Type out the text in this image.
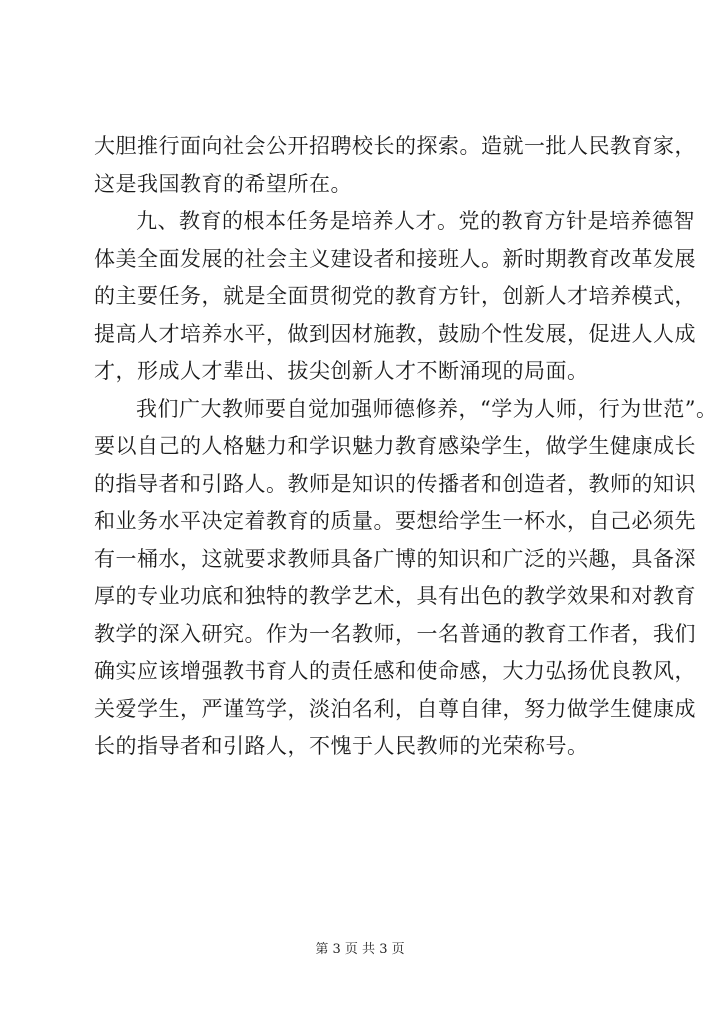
大胆推行面向社会公开招聘校长的探索。造就一批人民教育家，
这是我国教育的希望所在。
九、教育的根本任务是培养人才。党的教育方针是培养德智
体美全面发展的社会主义建设者和接班人。新时期教育改革发展
的主要任务，就是全面贯彻党的教育方针，创新人才培养模式，
提高人才培养水平，做到因材施教，鼓励个性发展，促进人人成
才，形成人才辈出、拔尖创新人才不断涌现的局面。
我们广大教师要自觉加强师德修养，“学为人师，行为世范”。
要以自己的人格魅力和学识魅力教育感染学生，做学生健康成长
的指导者和引路人。教师是知识的传播者和创造者，教师的知识
和业务水平决定着教育的质量。要想给学生一杯水，自己必须先
有一桶水，这就要求教师具备广博的知识和广泛的兴趣，具备深
厚的专业功底和独特的教学艺术，具有出色的教学效果和对教育
教学的深入研究。作为一名教师，一名普通的教育工作者，我们
确实应该增强教书育人的责任感和使命感，大力弘扬优良教风，
关爱学生，严谨笃学，淡泊名利，自尊自律，努力做学生健康成
长的指导者和引路人，不愧于人民教师的光荣称号。
第 3 页 共 3 页
